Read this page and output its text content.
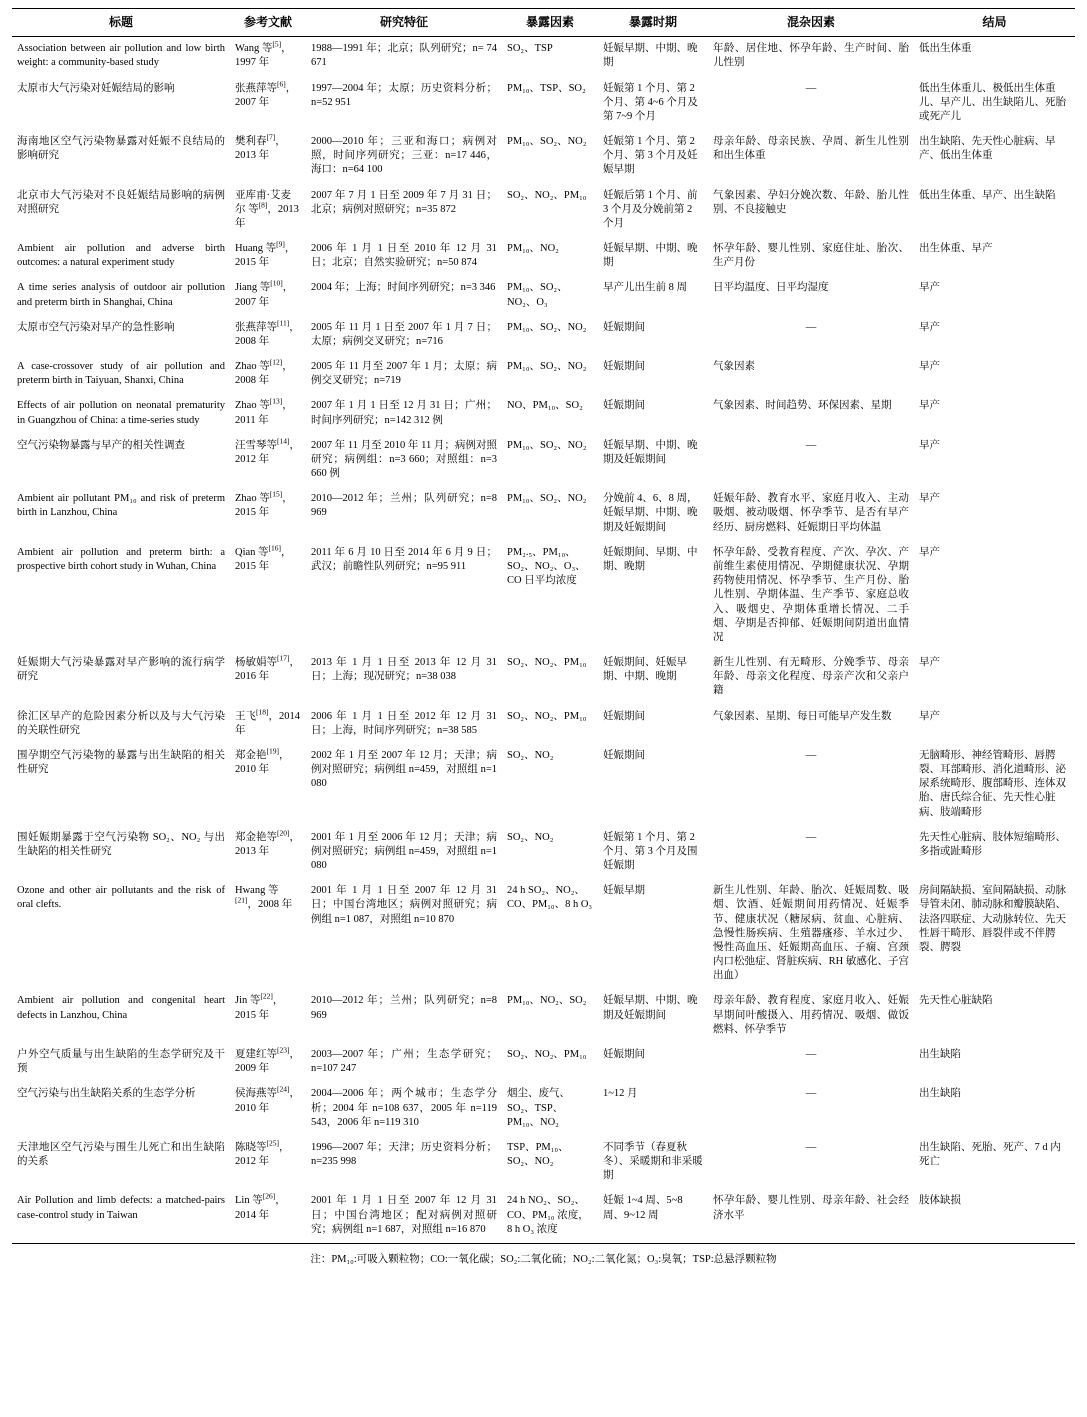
标题	参考文献	研究特征	暴露因素	暴露时期	混杂因素	结局
Association between air pollution and low birth weight: a community-based study	Wang 等[5]，1997 年	1988—1991 年；北京；队列研究；n= 74 671	SO₂、TSP	妊娠早期、中期、晚期	年龄、居住地、怀孕年龄、生产时间、胎儿性别	低出生体重
太原市大气污染对妊娠结局的影响	张燕萍等[6]，2007 年	1997—2004 年；太原；历史资料分析；n=52 951	PM₁₀、TSP、SO₂	妊娠第 1 个月、第 2 个月、第 4~6 个月及第 7~9 个月	—	低出生体重儿、极低出生体重儿、早产儿、出生缺陷儿、死胎或死产儿
海南地区空气污染物暴露对妊娠不良结局的影响研究	樊利春[7]，2013 年	2000—2010 年；三亚和海口；病例对照，时间序列研究；三亚：n=17 446，海口：n=64 100	PM₁₀、SO₂、NO₂	妊娠第 1 个月、第 2 个月、第 3 个月及妊娠早期	母亲年龄、母亲民族、孕周、新生儿性别和出生体重	出生缺陷、先天性心脏病、早产、低出生体重
北京市大气污染对不良妊娠结局影响的病例对照研究	亚库甫·艾麦尔 等[8]，2013 年	2007 年 7 月 1 日至 2009 年 7 月 31 日；北京；病例对照研究；n=35 872	SO₂、NO₂、PM₁₀	妊娠后第 1 个月、前 3 个月及分娩前第 2 个月	气象因素、孕妇分娩次数、年龄、胎儿性别、不良接触史	低出生体重、早产、出生缺陷
Ambient air pollution and adverse birth outcomes: a natural experiment study	Huang 等[9]，2015 年	2006 年 1 月 1 日至 2010 年 12 月 31 日；北京；自然实验研究；n=50 874	PM₁₀、NO₂	妊娠早期、中期、晚期	怀孕年龄、婴儿性别、家庭住址、胎次、生产月份	出生体重、早产
A time series analysis of outdoor air pollution and preterm birth in Shanghai, China	Jiang 等[10]，2007 年	2004 年；上海；时间序列研究；n=3 346	PM₁₀、SO₂、NO₂、O₃	早产儿出生前 8 周	日平均温度、日平均湿度	早产
太原市空气污染对早产的急性影响	张燕萍等[11]，2008 年	2005 年 11 月 1 日至 2007 年 1 月 7 日；太原；病例交叉研究；n=716	PM₁₀、SO₂、NO₂	妊娠期间	—	早产
A case-crossover study of air pollution and preterm birth in Taiyuan, Shanxi, China	Zhao 等[12]，2008 年	2005 年 11 月至 2007 年 1 月；太原；病例交叉研究；n=719	PM₁₀、SO₂、NO₂	妊娠期间	气象因素	早产
Effects of air pollution on neonatal prematurity in Guangzhou of China: a time-series study	Zhao 等[13]，2011 年	2007 年 1 月 1 日至 12 月 31 日；广州；时间序列研究；n=142 312 例	NO、PM₁₀、SO₂	妊娠期间	气象因素、时间趋势、环保因素、星期	早产
空气污染物暴露与早产的相关性调查	汪雪琴等[14]，2012 年	2007 年 11 月至 2010 年 11 月；病例对照研究；病例组：n=3 660；对照组：n=3 660 例	PM₁₀、SO₂、NO₂	妊娠早期、中期、晚期及妊娠期间	—	早产
Ambient air pollutant PM₁₀ and risk of preterm birth in Lanzhou, China	Zhao 等[15]，2015 年	2010—2012 年；兰州；队列研究；n=8 969	PM₁₀、SO₂、NO₂	分娩前 4、6、8 周，妊娠早期、中期、晚期及妊娠期间	妊娠年龄、教育水平、家庭月收入、主动吸烟、被动吸烟、怀孕季节、是否有早产经历、厨房燃料、妊娠期日平均体温	早产
Ambient air pollution and preterm birth: a prospective birth cohort study in Wuhan, China	Qian 等[16]，2015 年	2011 年 6 月 10 日至 2014 年 6 月 9 日；武汉；前瞻性队列研究；n=95 911	PM₂.₅、PM₁₀、SO₂、NO₂、O₃、CO 日平均浓度	妊娠期间、早期、中期、晚期	怀孕年龄、受教育程度、产次、孕次、产前维生素使用情况、孕期健康状况、孕期药物使用情况、怀孕季节、生产月份、胎儿性别、孕期体温、生产季节、家庭总收入、吸烟史、孕期体重增长情况、二手烟、孕期是否抑郁、妊娠期间阴道出血情况	早产
妊娠期大气污染暴露对早产影响的流行病学研究	杨敏娟等[17]，2016 年	2013 年 1 月 1 日至 2013 年 12 月 31 日；上海；现况研究；n=38 038	SO₂、NO₂、PM₁₀	妊娠期间、妊娠早期、中期、晚期	新生儿性别、有无畸形、分娩季节、母亲年龄、母亲文化程度、母亲产次和父亲户籍	早产
徐汇区早产的危险因素分析以及与大气污染的关联性研究	王飞[18]，2014 年	2006 年 1 月 1 日至 2012 年 12 月 31 日；上海，时间序列研究；n=38 585	SO₂、NO₂、PM₁₀	妊娠期间	气象因素、星期、每日可能早产发生数	早产
围孕期空气污染物的暴露与出生缺陷的相关性研究	郑金艳[19]，2010 年	2002 年 1 月至 2007 年 12 月；天津；病例对照研究；病例组 n=459，对照组 n=1 080	SO₂、NO₂	妊娠期间	—	无脑畸形、神经管畸形、唇腭裂、耳部畸形、消化道畸形、泌尿系统畸形、腹部畸形、连体双胎、唐氏综合征、先天性心脏病、肢端畸形
围妊娠期暴露于空气污染物 SO₂、NO₂ 与出生缺陷的相关性研究	郑金艳等[20]，2013 年	2001 年 1 月至 2006 年 12 月；天津；病例对照研究；病例组 n=459，对照组 n=1 080	SO₂、NO₂	妊娠第 1 个月、第 2 个月、第 3 个月及围妊娠期	—	先天性心脏病、肢体短缩畸形、多指或趾畸形
Ozone and other air pollutants and the risk of oral clefts.	Hwang 等[21]，2008 年	2001 年 1 月 1 日至 2007 年 12 月 31 日；中国台湾地区；病例对照研究；病例组 n=1 087，对照组 n=10 870	24 h SO₂、NO₂、CO、PM₁₀、8 h O₃	妊娠早期	新生儿性别、年龄、胎次、妊娠周数、吸烟、饮酒、妊娠期间用药情况、妊娠季节、健康状况（糖尿病、贫血、心脏病、急慢性肠疾病、生殖器瘙疹、羊水过少、慢性高血压、妊娠期高血压、子痫、宫颈内口松弛症、肾脏疾病、RH 敏感化、子宫出血）	房间隔缺损、室间隔缺损、动脉导管未闭、肺动脉和瓣膜缺陷、法洛四联症、大动脉转位、先天性唇干畸形、唇裂伴或不伴腭裂、腭裂
Ambient air pollution and congenital heart defects in Lanzhou, China	Jin 等[22]，2015 年	2010—2012 年；兰州；队列研究；n=8 969	PM₁₀、NO₂、SO₂	妊娠早期、中期、晚期及妊娠期间	母亲年龄、教育程度、家庭月收入、妊娠早期间叶酸摄入、用药情况、吸烟、做饭燃料、怀孕季节	先天性心脏缺陷
户外空气质量与出生缺陷的生态学研究及干预	夏建红等[23]，2009 年	2003—2007 年；广州；生态学研究；n=107 247	SO₂、NO₂、PM₁₀	妊娠期间	—	出生缺陷
空气污染与出生缺陷关系的生态学分析	侯海燕等[24]，2010 年	2004—2006 年；两个城市；生态学分析；2004 年 n=108 637，2005 年 n=119 543，2006 年 n=119 310	烟尘、废气、SO₂、TSP、PM₁₀、NO₂	1~12 月	—	出生缺陷
天津地区空气污染与围生儿死亡和出生缺陷的关系	陈晓等[25]，2012 年	1996—2007 年；天津；历史资料分析；n=235 998	TSP、PM₁₀、SO₂、NO₂	不同季节（春夏秋冬）、采暖期和非采暖期	—	出生缺陷、死胎、死产、7 d 内死亡
Air Pollution and limb defects: a matched-pairs case-control study in Taiwan	Lin 等[26]，2014 年	2001 年 1 月 1 日至 2007 年 12 月 31 日；中国台湾地区；配对病例对照研究；病例组 n=1 687，对照组 n=16 870	24 h NO₂、SO₂、CO、PM₁₀ 浓度，8 h O₃ 浓度	妊娠 1~4 周、5~8 周、9~12 周	怀孕年龄、婴儿性别、母亲年龄、社会经济水平	肢体缺损
注：PM₁₀:可吸入颗粒物；CO:一氧化碳；SO₂:二氧化硫；NO₂:二氧化氮；O₃:臭氧；TSP:总悬浮颗粒物
